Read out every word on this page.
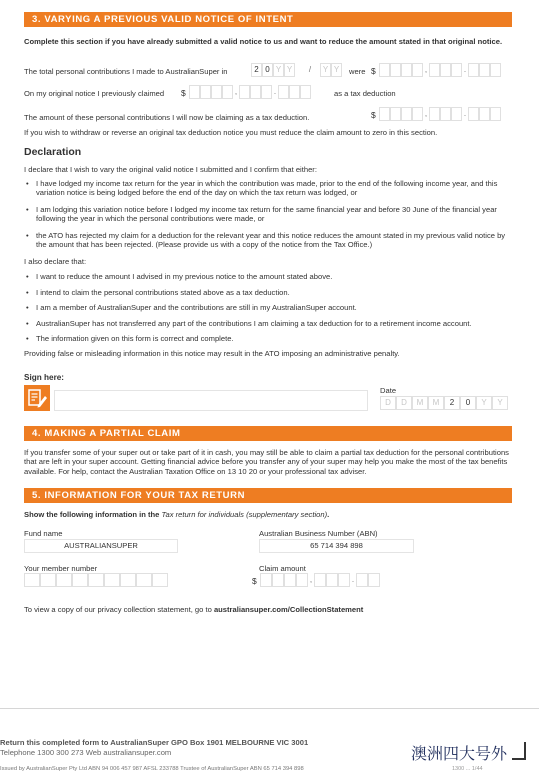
3. VARYING A PREVIOUS VALID NOTICE OF INTENT
Complete this section if you have already submitted a valid notice to us and want to reduce the amount stated in that original notice.
The total personal contributions I made to AustralianSuper in	2 0 Y Y	/	Y Y	were $	,	.
On my original notice I previously claimed $	,	.	as a tax deduction
The amount of these personal contributions I will now be claiming as a tax deduction.	$	,	.
If you wish to withdraw or reverse an original tax deduction notice you must reduce the claim amount to zero in this section.
Declaration
I declare that I wish to vary the original valid notice I submitted and I confirm that either:
• I have lodged my income tax return for the year in which the contribution was made, prior to the end of the following income year, and this variation notice is being lodged before the end of the day on which the tax return was lodged, or
• I am lodging this variation notice before I lodged my income tax return for the same financial year and before 30 June of the financial year following the year in which the personal contributions were made, or
• the ATO has rejected my claim for a deduction for the relevant year and this notice reduces the amount stated in my previous valid notice by the amount that has been rejected. (Please provide us with a copy of the notice from the Tax Office.)
I also declare that:
• I want to reduce the amount I advised in my previous notice to the amount stated above.
• I intend to claim the personal contributions stated above as a tax deduction.
• I am a member of AustralianSuper and the contributions are still in my AustralianSuper account.
• AustralianSuper has not transferred any part of the contributions I am claiming a tax deduction for to a retirement income account.
• The information given on this form is correct and complete.
Providing false or misleading information in this notice may result in the ATO imposing an administrative penalty.
Sign here:
Date
D	D	M	M	2	0	Y	Y
4. MAKING A PARTIAL CLAIM
If you transfer some of your super out or take part of it in cash, you may still be able to claim a partial tax deduction for the personal contributions that are left in your super account. Getting financial advice before you transfer any of your super may help you make the most of the tax benefits available. For help, contact the Australian Taxation Office on 13 10 20 or your professional tax adviser.
5. INFORMATION FOR YOUR TAX RETURN
Show the following information in the Tax return for individuals (supplementary section).
Fund name
AUSTRALIANSUPER
Australian Business Number (ABN)
65 714 394 898
Your member number	Claim amount
$	,	.
To view a copy of our privacy collection statement, go to australiansuper.com/CollectionStatement
Return this completed form to AustralianSuper GPO Box 1901 MELBOURNE VIC 3001
Telephone 1300 300 273 Web australiansuper.com
Issued by AustralianSuper Pty Ltd ABN 94 006 457 987 AFSL 233788 Trustee of AustralianSuper ABN 65 714 394 898
澳洲四大号外
1300 ... 1/44
